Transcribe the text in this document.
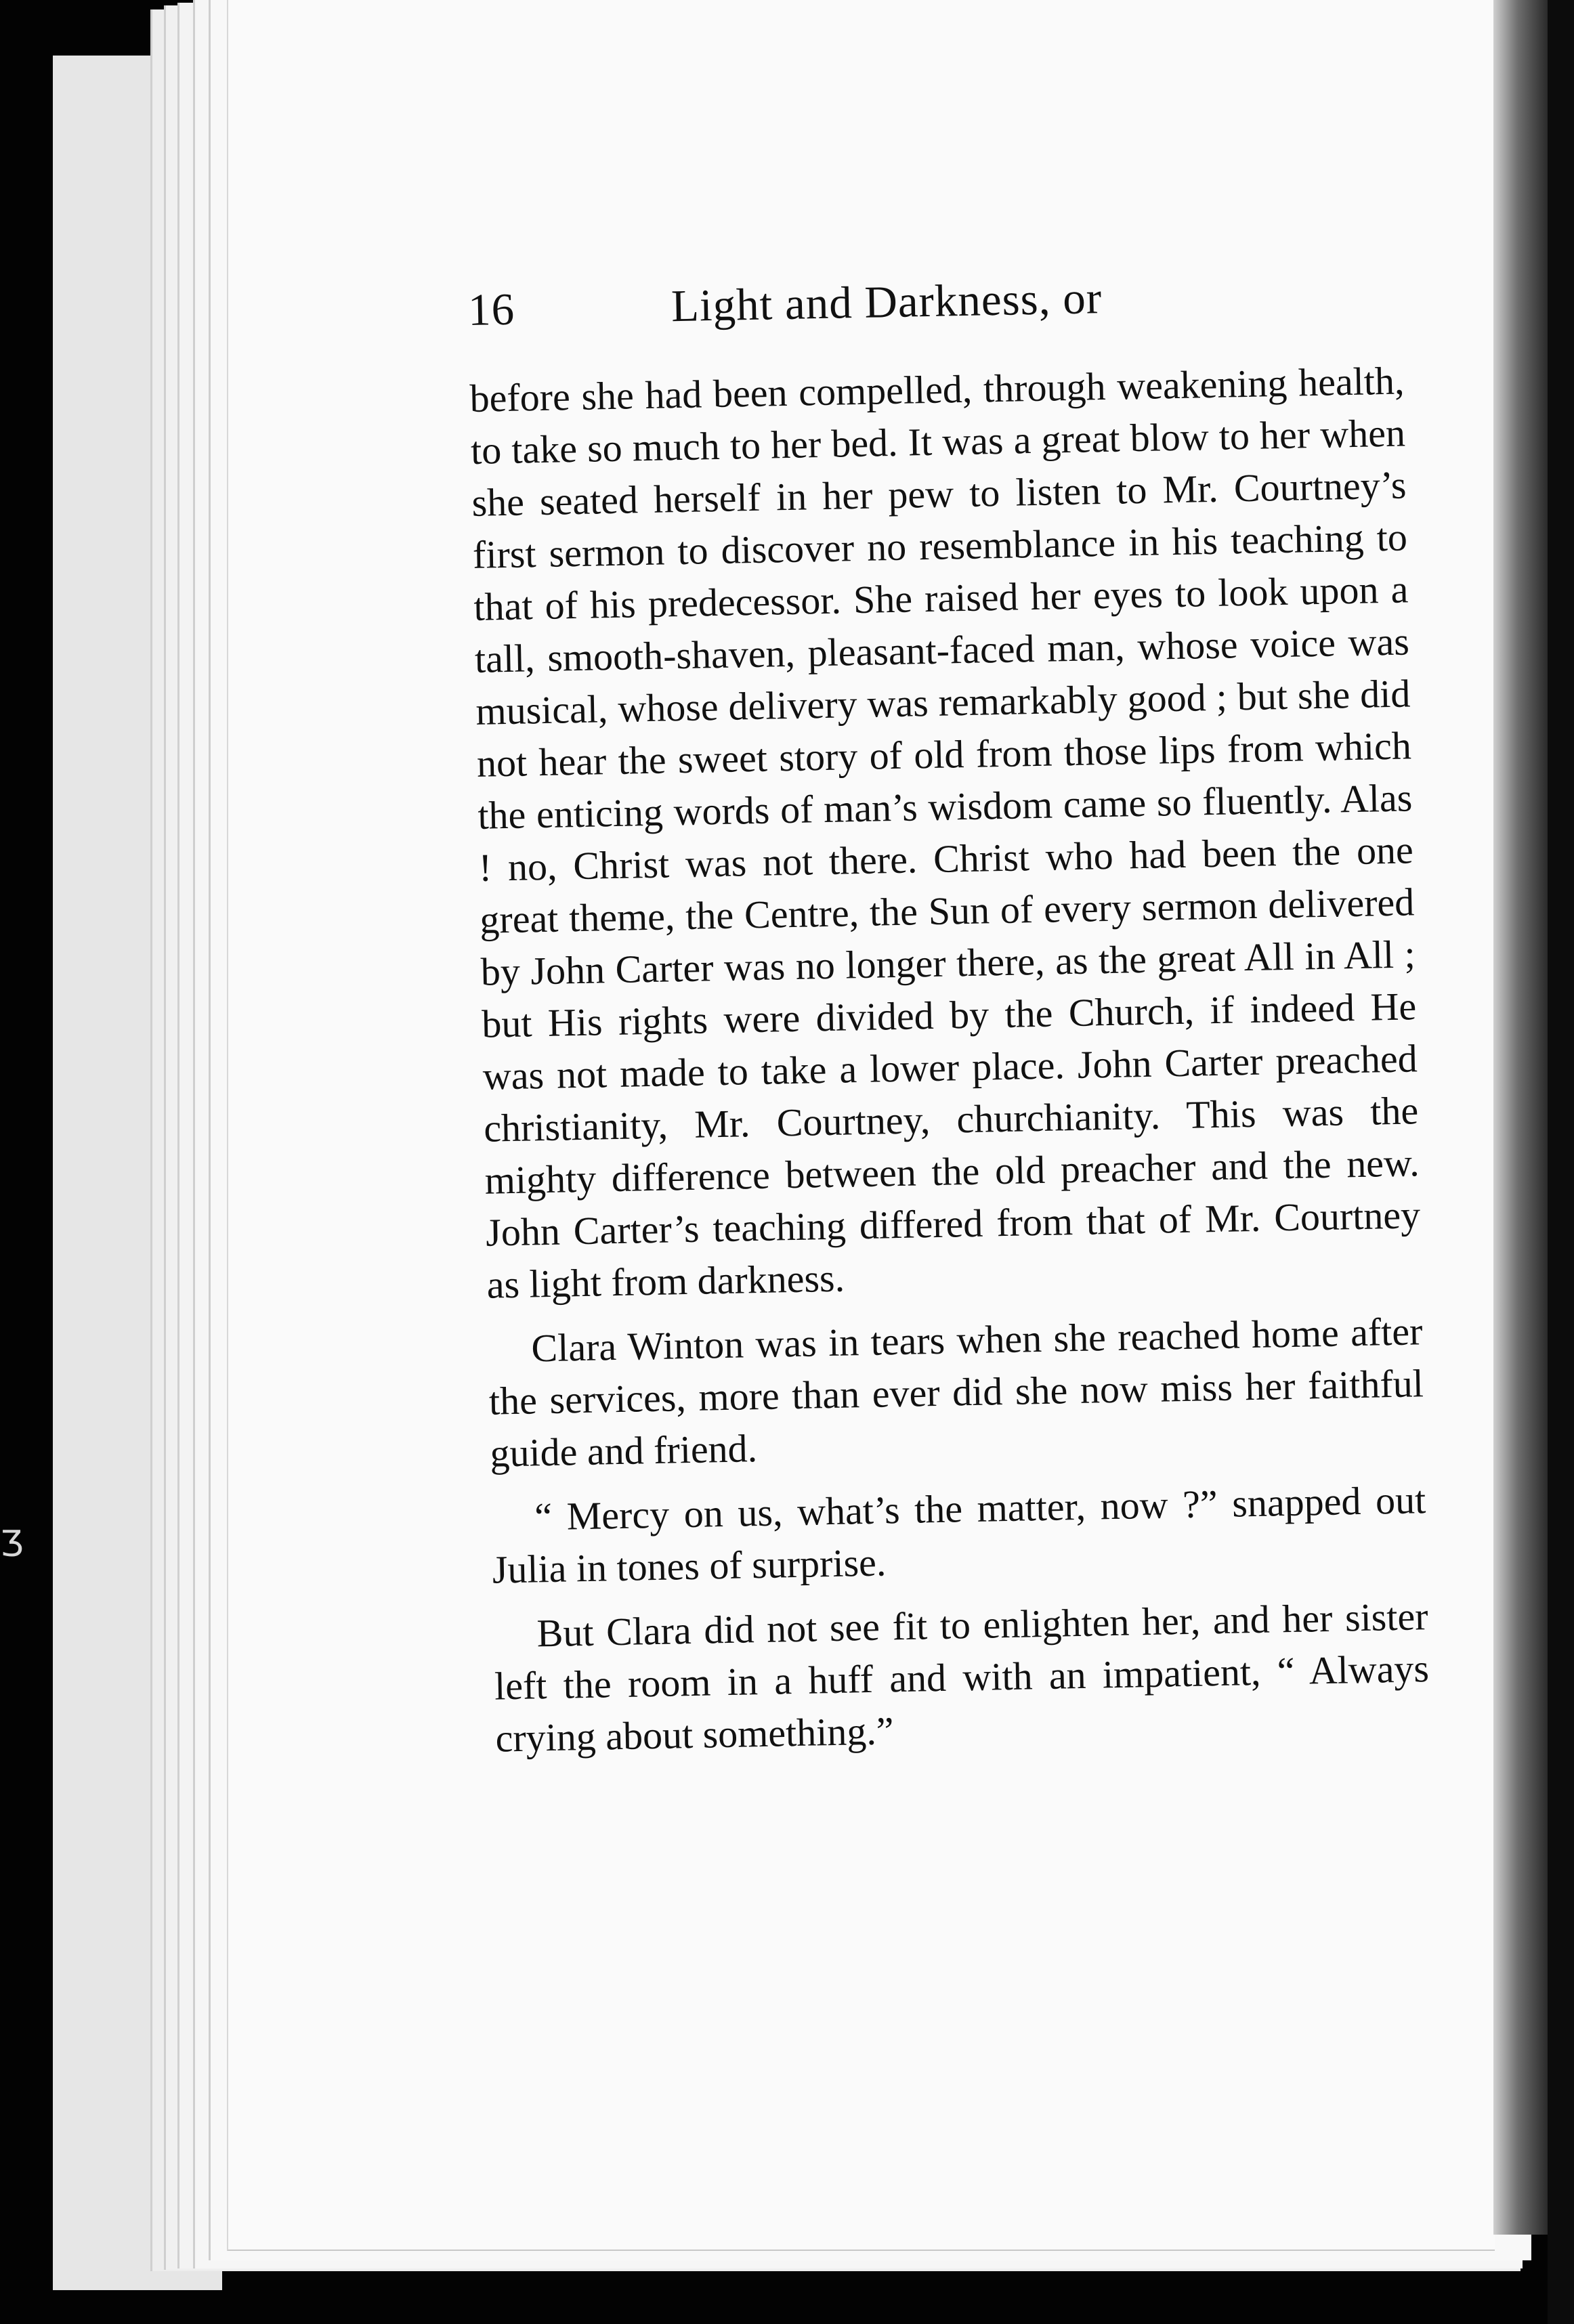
Ʒ
16	Light and Darkness, or

before she had been compelled, through weakening health, to take so much to her bed. It was a great blow to her when she seated herself in her pew to listen to Mr. Courtney’s first sermon to discover no resemblance in his teaching to that of his predecessor. She raised her eyes to look upon a tall, smooth-shaven, pleasant-faced man, whose voice was musical, whose delivery was remarkably good ; but she did not hear the sweet story of old from those lips from which the enticing words of man’s wisdom came so fluently. Alas ! no, Christ was not there. Christ who had been the one great theme, the Centre, the Sun of every sermon delivered by John Carter was no longer there, as the great All in All ; but His rights were divided by the Church, if indeed He was not made to take a lower place. John Carter preached christianity, Mr. Courtney, churchianity. This was the mighty difference between the old preacher and the new. John Carter’s teaching differed from that of Mr. Courtney as light from darkness.

Clara Winton was in tears when she reached home after the services, more than ever did she now miss her faithful guide and friend.

“ Mercy on us, what’s the matter, now ?” snapped out Julia in tones of surprise.

But Clara did not see fit to enlighten her, and her sister left the room in a huff and with an impatient, “ Always crying about something.”
